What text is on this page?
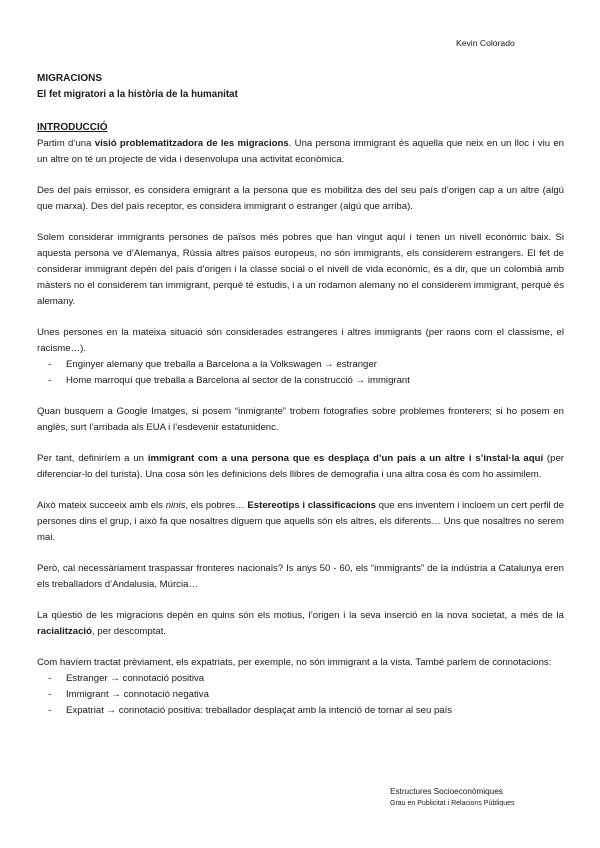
Kevin Colorado
MIGRACIONS
El fet migratori a la història de la humanitat
INTRODUCCIÓ

Partim d’una visió problematitzadora de les migracions. Una persona immigrant és aquella que neix en un lloc i viu en un altre on té un projecte de vida i desenvolupa una activitat econòmica.

Des del país emissor, es considera emigrant a la persona que es mobilitza des del seu país d’origen cap a un altre (algú que marxa). Des del país receptor, es considera immigrant o estranger (algú que arriba).

Solem considerar immigrants persones de països més pobres que han vingut aquí i tenen un nivell econòmic baix. Si aquesta persona ve d’Alemanya, Rússia altres països europeus, no són immigrants, els considerem estrangers. El fet de considerar immigrant depèn del país d’origen i la classe social o el nivell de vida econòmic, és a dir, que un colombià amb màsters no el considerem tan immigrant, perquè té estudis, i a un rodamon alemany no el considerem immigrant, perquè és alemany.

Unes persones en la mateixa situació són considerades estrangeres i altres immigrants (per raons com el classisme, el racisme…).

- Enginyer alemany que treballa a Barcelona a la Volkswagen → estranger
- Home marroquí que treballa a Barcelona al sector de la construcció → immigrant

Quan busquem a Google Imatges, si posem “inmigrante” trobem fotografies sobre problemes fronterers; si ho posem en anglès, surt l’arribada als EUA i l’esdevenir estatunidenc.

Per tant, definiríem a un immigrant com a una persona que es desplaça d’un país a un altre i s’instal·la aquí (per diferenciar-lo del turista). Una cosa són les definicions dels llibres de demografia i una altra cosa és com ho assimilem.

Això mateix succeeix amb els ninis, els pobres… Estereotips i classificacions que ens inventem i incloem un cert perfil de persones dins el grup, i això fa que nosaltres diguem que aquells són els altres, els diferents… Uns que nosaltres no serem mai.

Però, cal necessàriament traspassar fronteres nacionals? Is anys 50 - 60, els “immigrants” de la indústria a Catalunya eren els treballadors d’Andalusia, Múrcia…

La qüestió de les migracions depèn en quins són els motius, l’origen i la seva inserció en la nova societat, a més de la racialització, per descomptat.

Com havíem tractat prèviament, els expatriats, per exemple, no són immigrant a la vista. També parlem de connotacions:

- Estranger → connotació positiva
- Immigrant → connotació negativa
- Expatriat → connotació positiva: treballador desplaçat amb la intenció de tornar al seu país
Estructures Socioeconòmiques
Grau en Publicitat i Relacions Públiques
